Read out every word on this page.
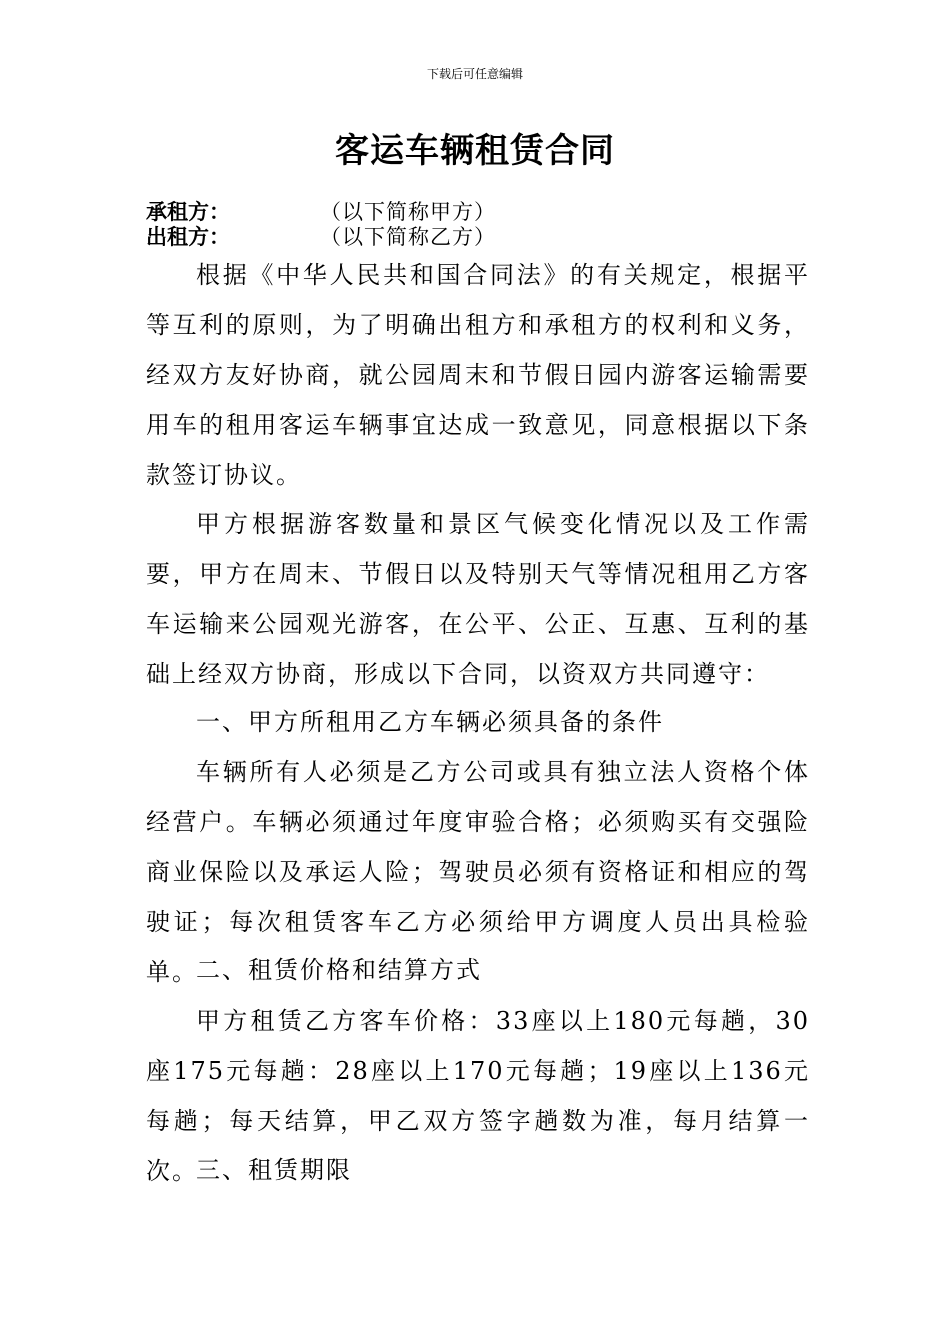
下载后可任意编辑
客运车辆租赁合同
承租方：	（以下简称甲方）
出租方：	（以下简称乙方）

根据《中华人民共和国合同法》的有关规定，根据平等互利的原则，为了明确出租方和承租方的权利和义务，经双方友好协商，就公园周末和节假日园内游客运输需要用车的租用客运车辆事宜达成一致意见，同意根据以下条款签订协议。

甲方根据游客数量和景区气候变化情况以及工作需要，甲方在周末、节假日以及特别天气等情况租用乙方客车运输来公园观光游客，在公平、公正、互惠、互利的基础上经双方协商，形成以下合同，以资双方共同遵守：

一、甲方所租用乙方车辆必须具备的条件

车辆所有人必须是乙方公司或具有独立法人资格个体经营户。车辆必须通过年度审验合格；必须购买有交强险商业保险以及承运人险；驾驶员必须有资格证和相应的驾驶证；每次租赁客车乙方必须给甲方调度人员出具检验单。

二、租赁价格和结算方式

甲方租赁乙方客车价格：33座以上180元每趟，30座175元每趟：28座以上170元每趟；19座以上136元每趟；每天结算，甲乙双方签字趟数为准，每月结算一次。

三、租赁期限
